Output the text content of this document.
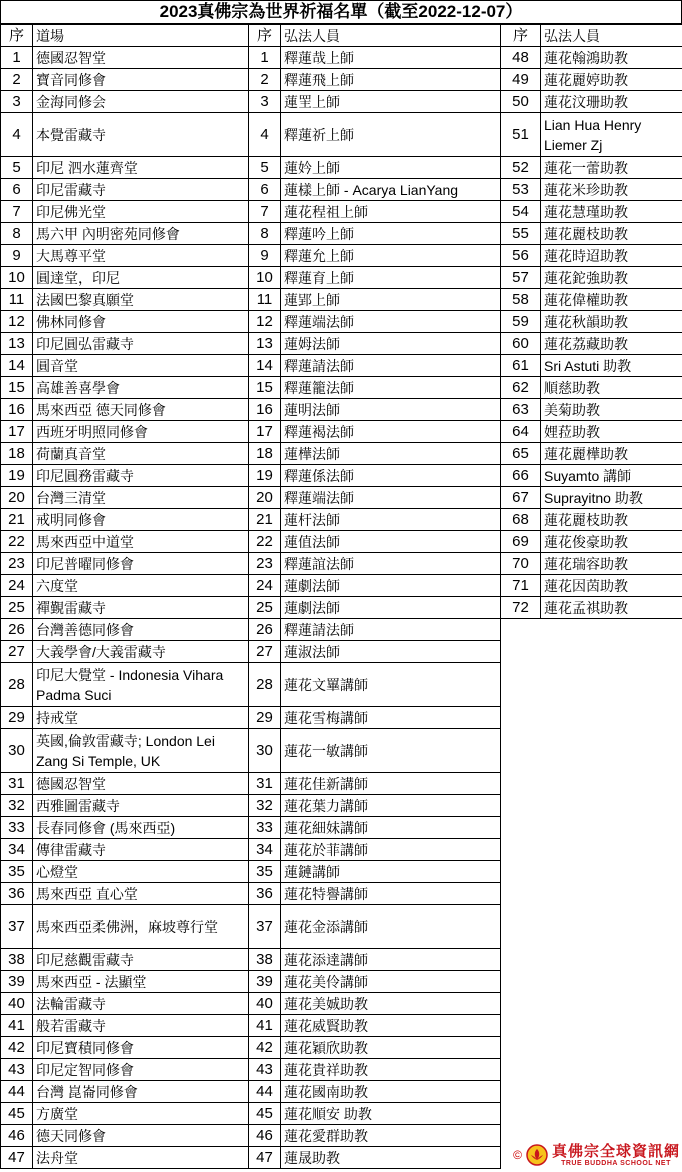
2023真佛宗為世界祈福名單（截至2022-12-07）
序	道場	序	弘法人員
1	德國忍智堂	1	釋蓮哉上師
2	寶音同修會	2	釋蓮飛上師
3	金海同修会	3	蓮罜上師
4	本覺雷藏寺	4	釋蓮祈上師
5	印尼 泗水蓮齊堂	5	蓮妗上師
6	印尼雷藏寺	6	蓮樣上師 - Acarya LianYang
7	印尼佛光堂	7	蓮花程祖上師
8	馬六甲 內明密苑同修會	8	釋蓮吟上師
9	大馬尊平堂	9	釋蓮允上師
10	圓達堂，印尼	10	釋蓮育上師
11	法國巴黎真願堂	11	蓮郢上師
12	佛林同修會	12	釋蓮端法師
13	印尼圓弘雷藏寺	13	蓮姆法師
14	圓音堂	14	釋蓮請法師
15	高雄善喜學會	15	釋蓮籠法師
16	馬來西亞 德天同修會	16	蓮明法師
17	西班牙明照同修會	17	釋蓮褐法師
18	荷蘭真音堂	18	蓮樺法師
19	印尼圓務雷藏寺	19	釋蓮係法師
20	台灣三清堂	20	釋蓮端法師
21	戒明同修會	21	蓮杆法師
22	馬來西亞中道堂	22	蓮值法師
23	印尼普曜同修會	23	釋蓮誼法師
24	六度堂	24	蓮劇法師
25	禪覲雷藏寺	25	蓮劇法師
26	台灣善德同修會	26	釋蓮請法師
27	大義學會/大義雷藏寺	27	蓮淑法師
28	印尼大覺堂 - Indonesia Vihara Padma Suci	28	蓮花文罼講師
29	持戒堂	29	蓮花雪梅講師
30	英國,倫敦雷藏寺; London Lei Zang Si Temple, UK	30	蓮花一敏講師
31	德國忍智堂	31	蓮花佳新講師
32	西雅圖雷藏寺	32	蓮花葉力講師
33	長春同修會 (馬來西亞)	33	蓮花細妹講師
34	傳律雷藏寺	34	蓮花於菲講師
35	心燈堂	35	蓮鏈講師
36	馬來西亞 直心堂	36	蓮花特譽講師
37	馬來西亞柔佛洲，麻坡尊行堂	37	蓮花金添講師
38	印尼慈觀雷藏寺	38	蓮花添達講師
39	馬來西亞 - 法顯堂	39	蓮花美伶講師
40	法輪雷藏寺	40	蓮花美娍助教
41	般若雷藏寺	41	蓮花威賢助教
42	印尼寶積同修會	42	蓮花穎欣助教
43	印尼定智同修會	43	蓮花貴祥助教
44	台灣 崑崙同修會	44	蓮花國南助教
45	方廣堂	45	蓮花順安 助教
46	德天同修會	46	蓮花愛群助教
47	法舟堂	47	蓮晟助教
序	弘法人員
48	蓮花翰鴻助教
49	蓮花麗婷助教
50	蓮花汶珊助教
51	Lian Hua Henry Liemer Zj
52	蓮花一蕾助教
53	蓮花米珍助教
54	蓮花慧瑾助教
55	蓮花麗枝助教
56	蓮花時迢助教
57	蓮花鉈強助教
58	蓮花偉權助教
59	蓮花秋韻助教
60	蓮花荔藏助教
61	Sri Astuti 助教
62	順慈助教
63	美菊助教
64	娌菈助教
65	蓮花麗樺助教
66	Suyamto 講師
67	Suprayitno 助教
68	蓮花麗枝助教
69	蓮花俊豪助教
70	蓮花瑞容助教
71	蓮花因茵助教
72	蓮花孟祺助教
© 真佛宗全球資訊網
TRUE BUDDHA SCHOOL NET
